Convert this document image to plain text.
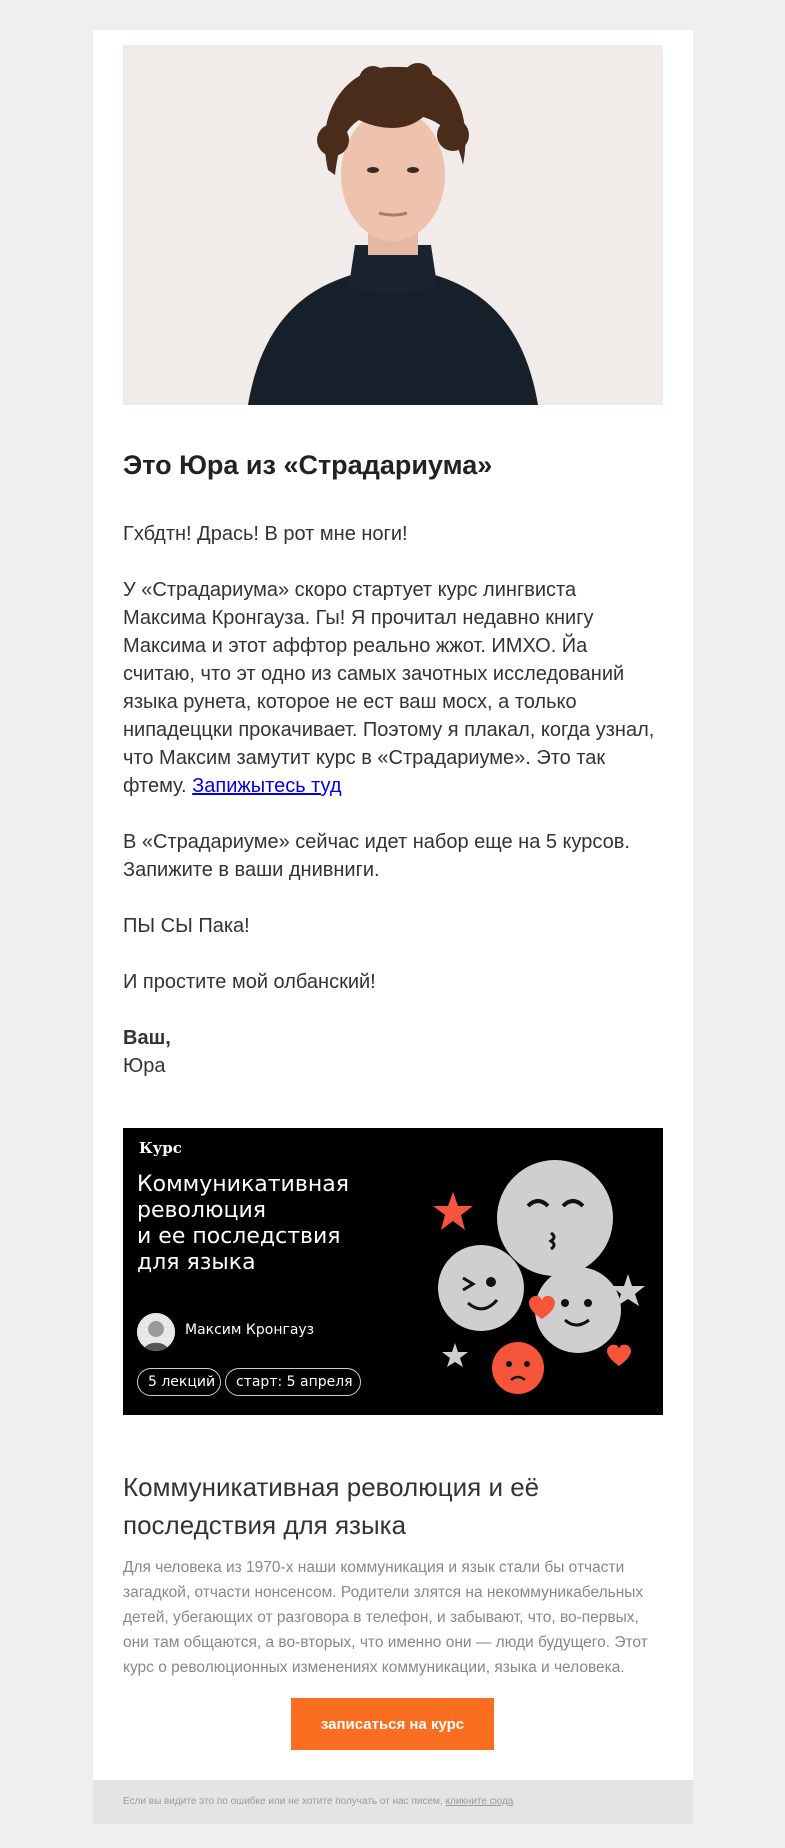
Это Юра из «Страдариума»

Гхбдтн! Дрась! В рот мне ноги!

У «Страдариума» скоро стартует курс лингвиста Максима Кронгауза. Гы! Я прочитал недавно книгу Максима и этот аффтор реально жжот. ИМХО. Йа считаю, что эт одно из самых зачотных исследований языка рунета, которое не ест ваш мосх, а только нипадеццки прокачивает. Поэтому я плакал, когда узнал, что Максим замутит курс в «Страдариуме». Это так фтему. Запижытесь туд

В «Страдариуме» сейчас идет набор еще на 5 курсов. Запижите в ваши днивниги.

ПЫ СЫ Пака!

И простите мой олбанский!

Ваш,

Юра

Курс
Коммуникативная
революция
и ее последствия
для языка
Максим Кронгауз
5 лекций	старт: 5 апреля
Коммуникативная революция и её последствия для языка
Для человека из 1970-х наши коммуникация и язык стали бы отчасти загадкой, отчасти нонсенсом. Родители злятся на некоммуникабельных детей, убегающих от разговора в телефон, и забывают, что, во-первых, они там общаются, а во-вторых, что именно они — люди будущего. Этот курс о революционных изменениях коммуникации, языка и человека.
записаться на курс
Если вы видите это по ошибке или не хотите получать от нас писем, кликните сюда
